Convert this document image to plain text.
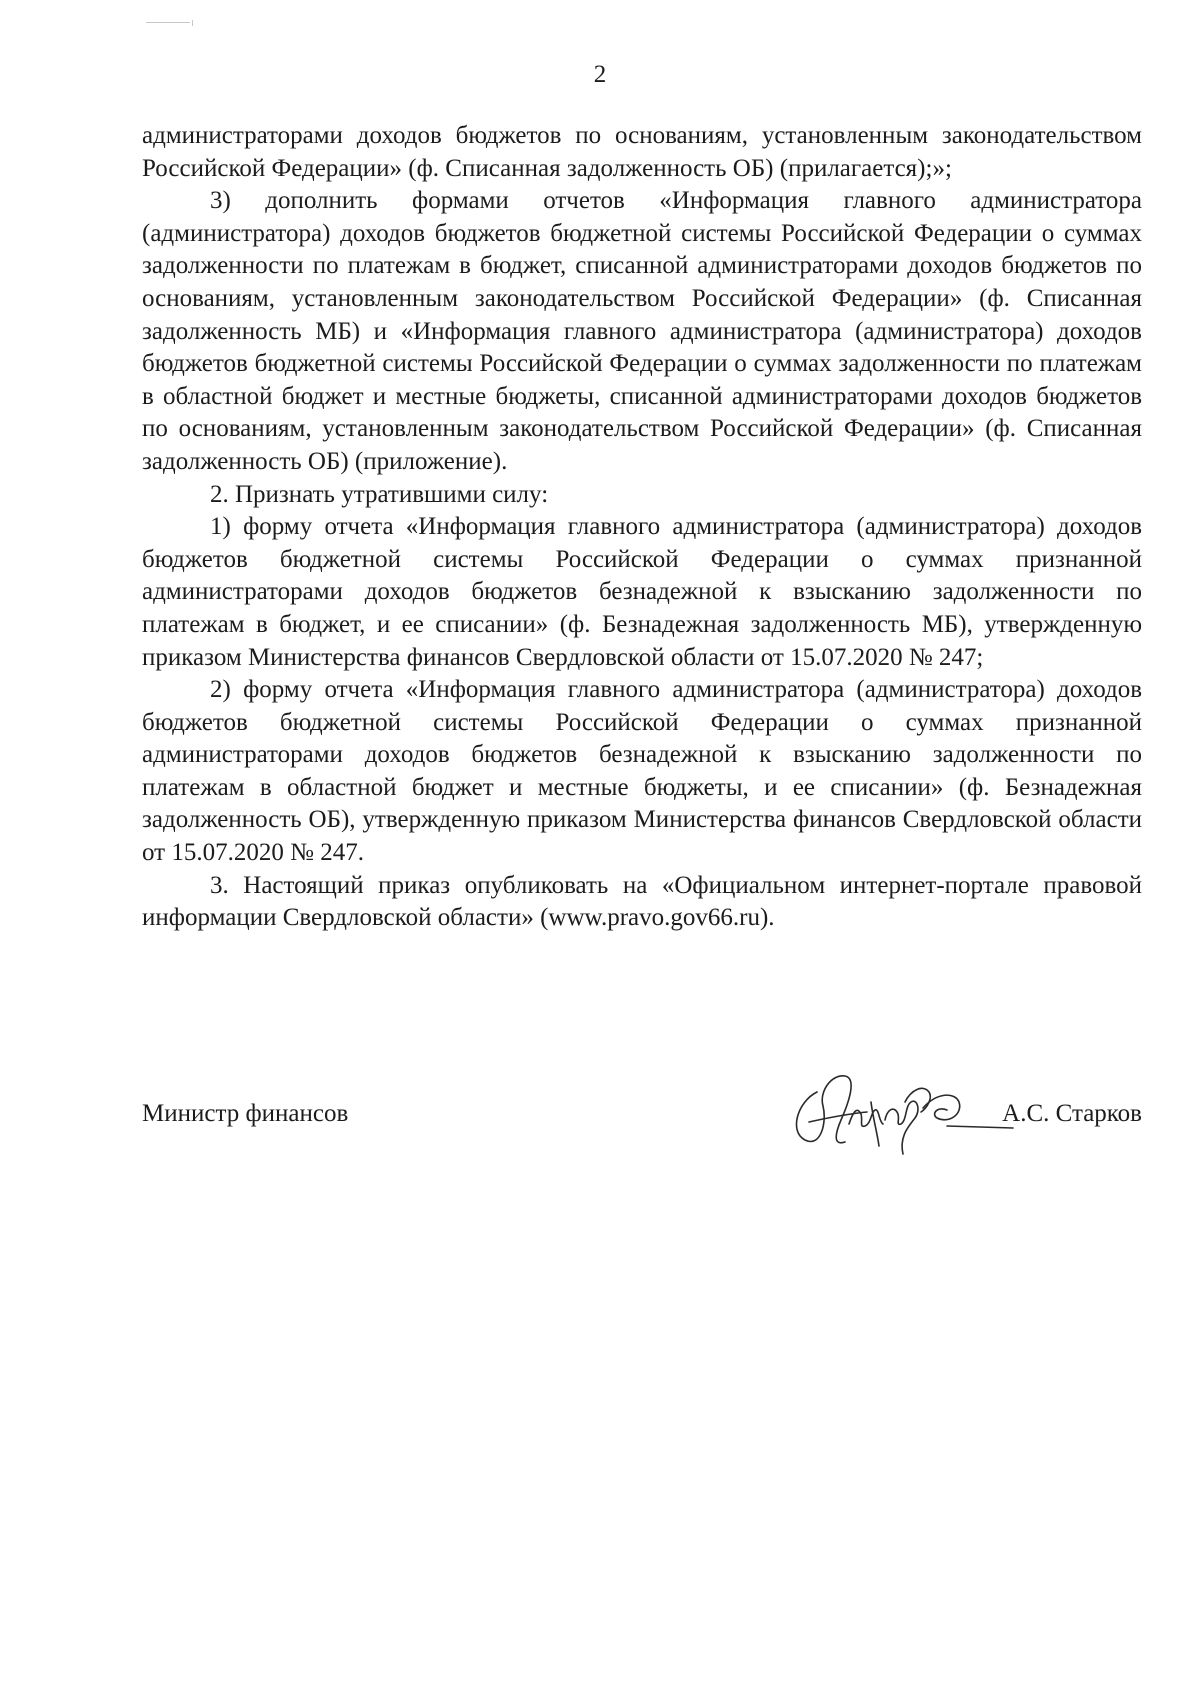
2

администраторами доходов бюджетов по основаниям, установленным законодательством Российской Федерации» (ф. Списанная задолженность ОБ) (прилагается);»;

3) дополнить формами отчетов «Информация главного администратора (администратора) доходов бюджетов бюджетной системы Российской Федерации о суммах задолженности по платежам в бюджет, списанной администраторами доходов бюджетов по основаниям, установленным законодательством Российской Федерации» (ф. Списанная задолженность МБ) и «Информация главного администратора (администратора) доходов бюджетов бюджетной системы Российской Федерации о суммах задолженности по платежам в областной бюджет и местные бюджеты, списанной администраторами доходов бюджетов по основаниям, установленным законодательством Российской Федерации» (ф. Списанная задолженность ОБ) (приложение).

2. Признать утратившими силу:

1) форму отчета «Информация главного администратора (администратора) доходов бюджетов бюджетной системы Российской Федерации о суммах признанной администраторами доходов бюджетов безнадежной к взысканию задолженности по платежам в бюджет, и ее списании» (ф. Безнадежная задолженность МБ), утвержденную приказом Министерства финансов Свердловской области от 15.07.2020 № 247;

2) форму отчета «Информация главного администратора (администратора) доходов бюджетов бюджетной системы Российской Федерации о суммах признанной администраторами доходов бюджетов безнадежной к взысканию задолженности по платежам в областной бюджет и местные бюджеты, и ее списании» (ф. Безнадежная задолженность ОБ), утвержденную приказом Министерства финансов Свердловской области от 15.07.2020 № 247.

3. Настоящий приказ опубликовать на «Официальном интернет-портале правовой информации Свердловской области» (www.pravo.gov66.ru).

Министр финансов	А.С. Старков
